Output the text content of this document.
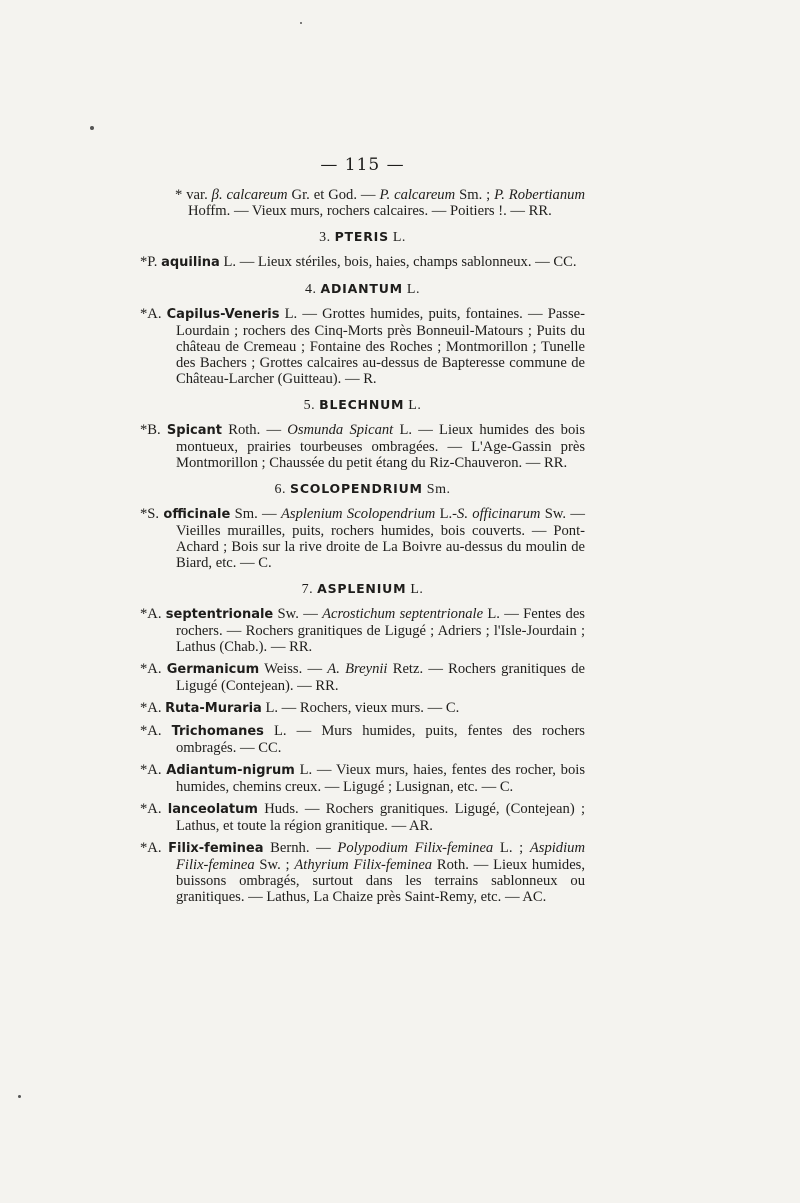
— 115 —
* var. β. calcareum Gr. et God. — P. calcareum Sm. ; P. Robertianum Hoffm. — Vieux murs, rochers calcaires. — Poitiers !. — RR.
3. PTERIS L.
*P. aquilina L. — Lieux stériles, bois, haies, champs sablonneux. — CC.
4. ADIANTUM L.
*A. Capilus-Veneris L. — Grottes humides, puits, fontaines. — Passe-Lourdain ; rochers des Cinq-Morts près Bonneuil-Matours ; Puits du château de Cremeau ; Fontaine des Roches ; Montmorillon ; Tunelle des Bachers ; Grottes calcaires au-dessus de Bapteresse commune de Château-Larcher (Guitteau). — R.
5. BLECHNUM L.
*B. Spicant Roth. — Osmunda Spicant L. — Lieux humides des bois montueux, prairies tourbeuses ombragées. — L'Age-Gassin près Montmorillon ; Chaussée du petit étang du Riz-Chauveron. — RR.
6. SCOLOPENDRIUM Sm.
*S. officinale Sm. — Asplenium Scolopendrium L.-S. officinarum Sw. — Vieilles murailles, puits, rochers humides, bois couverts. — Pont-Achard ; Bois sur la rive droite de La Boivre au-dessus du moulin de Biard, etc. — C.
7. ASPLENIUM L.
*A. septentrionale Sw. — Acrostichum septentrionale L. — Fentes des rochers. — Rochers granitiques de Ligugé ; Adriers ; l'Isle-Jourdain ; Lathus (Chab.). — RR.
*A. Germanicum Weiss. — A. Breynii Retz. — Rochers granitiques de Ligugé (Contejean). — RR.
*A. Ruta-Muraria L. — Rochers, vieux murs. — C.
*A. Trichomanes L. — Murs humides, puits, fentes des rochers ombragés. — CC.
*A. Adiantum-nigrum L. — Vieux murs, haies, fentes des rocher, bois humides, chemins creux. — Ligugé ; Lusignan, etc. — C.
*A. lanceolatum Huds. — Rochers granitiques. Ligugé, (Contejean) ; Lathus, et toute la région granitique. — AR.
*A. Filix-feminea Bernh. — Polypodium Filix-feminea L. ; Aspidium Filix-feminea Sw. ; Athyrium Filix-feminea Roth. — Lieux humides, buissons ombragés, surtout dans les terrains sablonneux ou granitiques. — Lathus, La Chaize près Saint-Remy, etc. — AC.
